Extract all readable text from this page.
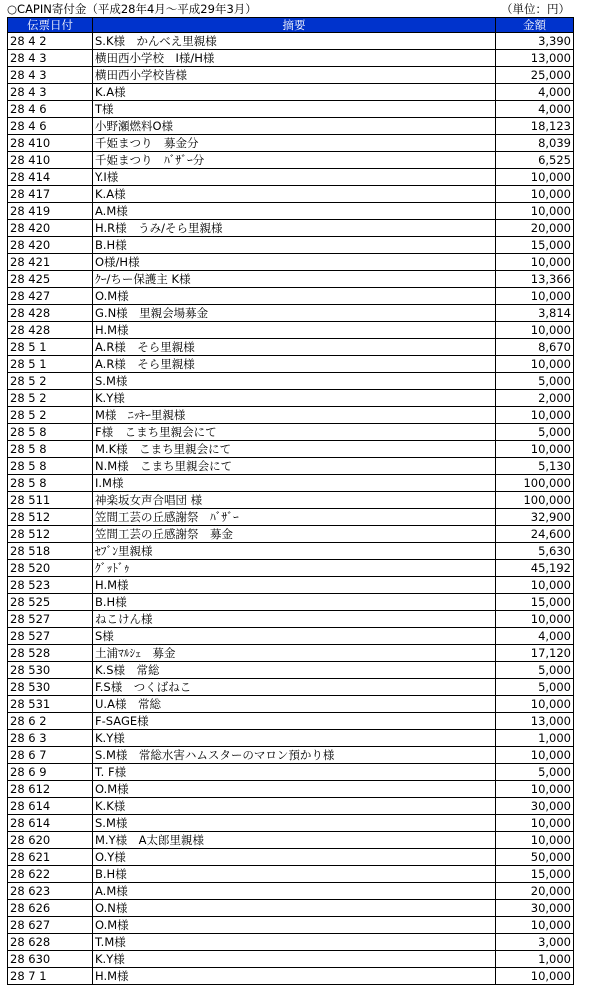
○CAPIN寄付金（平成28年4月～平成29年3月）	（単位：円）
伝票日付	摘要	金額
28 4 2	S.K様　かんべえ里親様	3,390
28 4 3	横田西小学校　I様/H様	13,000
28 4 3	横田西小学校皆様	25,000
28 4 3	K.A様	4,000
28 4 6	T様	4,000
28 4 6	小野瀬燃料O様	18,123
28 410	千姫まつり　募金分	8,039
28 410	千姫まつり　ﾊﾞｻﾞｰ分	6,525
28 414	Y.I様	10,000
28 417	K.A様	10,000
28 419	A.M様	10,000
28 420	H.R様　うみ/そら里親様	20,000
28 420	B.H様	15,000
28 421	O様/H様	10,000
28 425	ｸｰ/ちー保護主 K様	13,366
28 427	O.M様	10,000
28 428	G.N様　里親会場募金	3,814
28 428	H.M様	10,000
28 5 1	A.R様　そら里親様	8,670
28 5 1	A.R様　そら里親様	10,000
28 5 2	S.M様	5,000
28 5 2	K.Y様	2,000
28 5 2	M様　ﾆｯｷｰ里親様	10,000
28 5 8	F様　こまち里親会にて	5,000
28 5 8	M.K様　こまち里親会にて	10,000
28 5 8	N.M様　こまち里親会にて	5,130
28 5 8	I.M様	100,000
28 511	神楽坂女声合唱団 様	100,000
28 512	笠間工芸の丘感謝祭　ﾊﾞｻﾞｰ	32,900
28 512	笠間工芸の丘感謝祭　募金	24,600
28 518	ｾﾌﾞﾝ里親様	5,630
28 520	ｸﾞｯﾄﾞｩ	45,192
28 523	H.M様	10,000
28 525	B.H様	15,000
28 527	ねこけん様	10,000
28 527	S様	4,000
28 528	土浦ﾏﾙｼｪ　募金	17,120
28 530	K.S様　常総	5,000
28 530	F.S様　つくばねこ	5,000
28 531	U.A様　常総	10,000
28 6 2	F-SAGE様	13,000
28 6 3	K.Y様	1,000
28 6 7	S.M様　常総水害ハムスターのマロン預かり様	10,000
28 6 9	T. F様	5,000
28 612	O.M様	10,000
28 614	K.K様	30,000
28 614	S.M様	10,000
28 620	M.Y様　A太郎里親様	10,000
28 621	O.Y様	50,000
28 622	B.H様	15,000
28 623	A.M様	20,000
28 626	O.N様	30,000
28 627	O.M様	10,000
28 628	T.M様	3,000
28 630	K.Y様	1,000
28 7 1	H.M様	10,000
